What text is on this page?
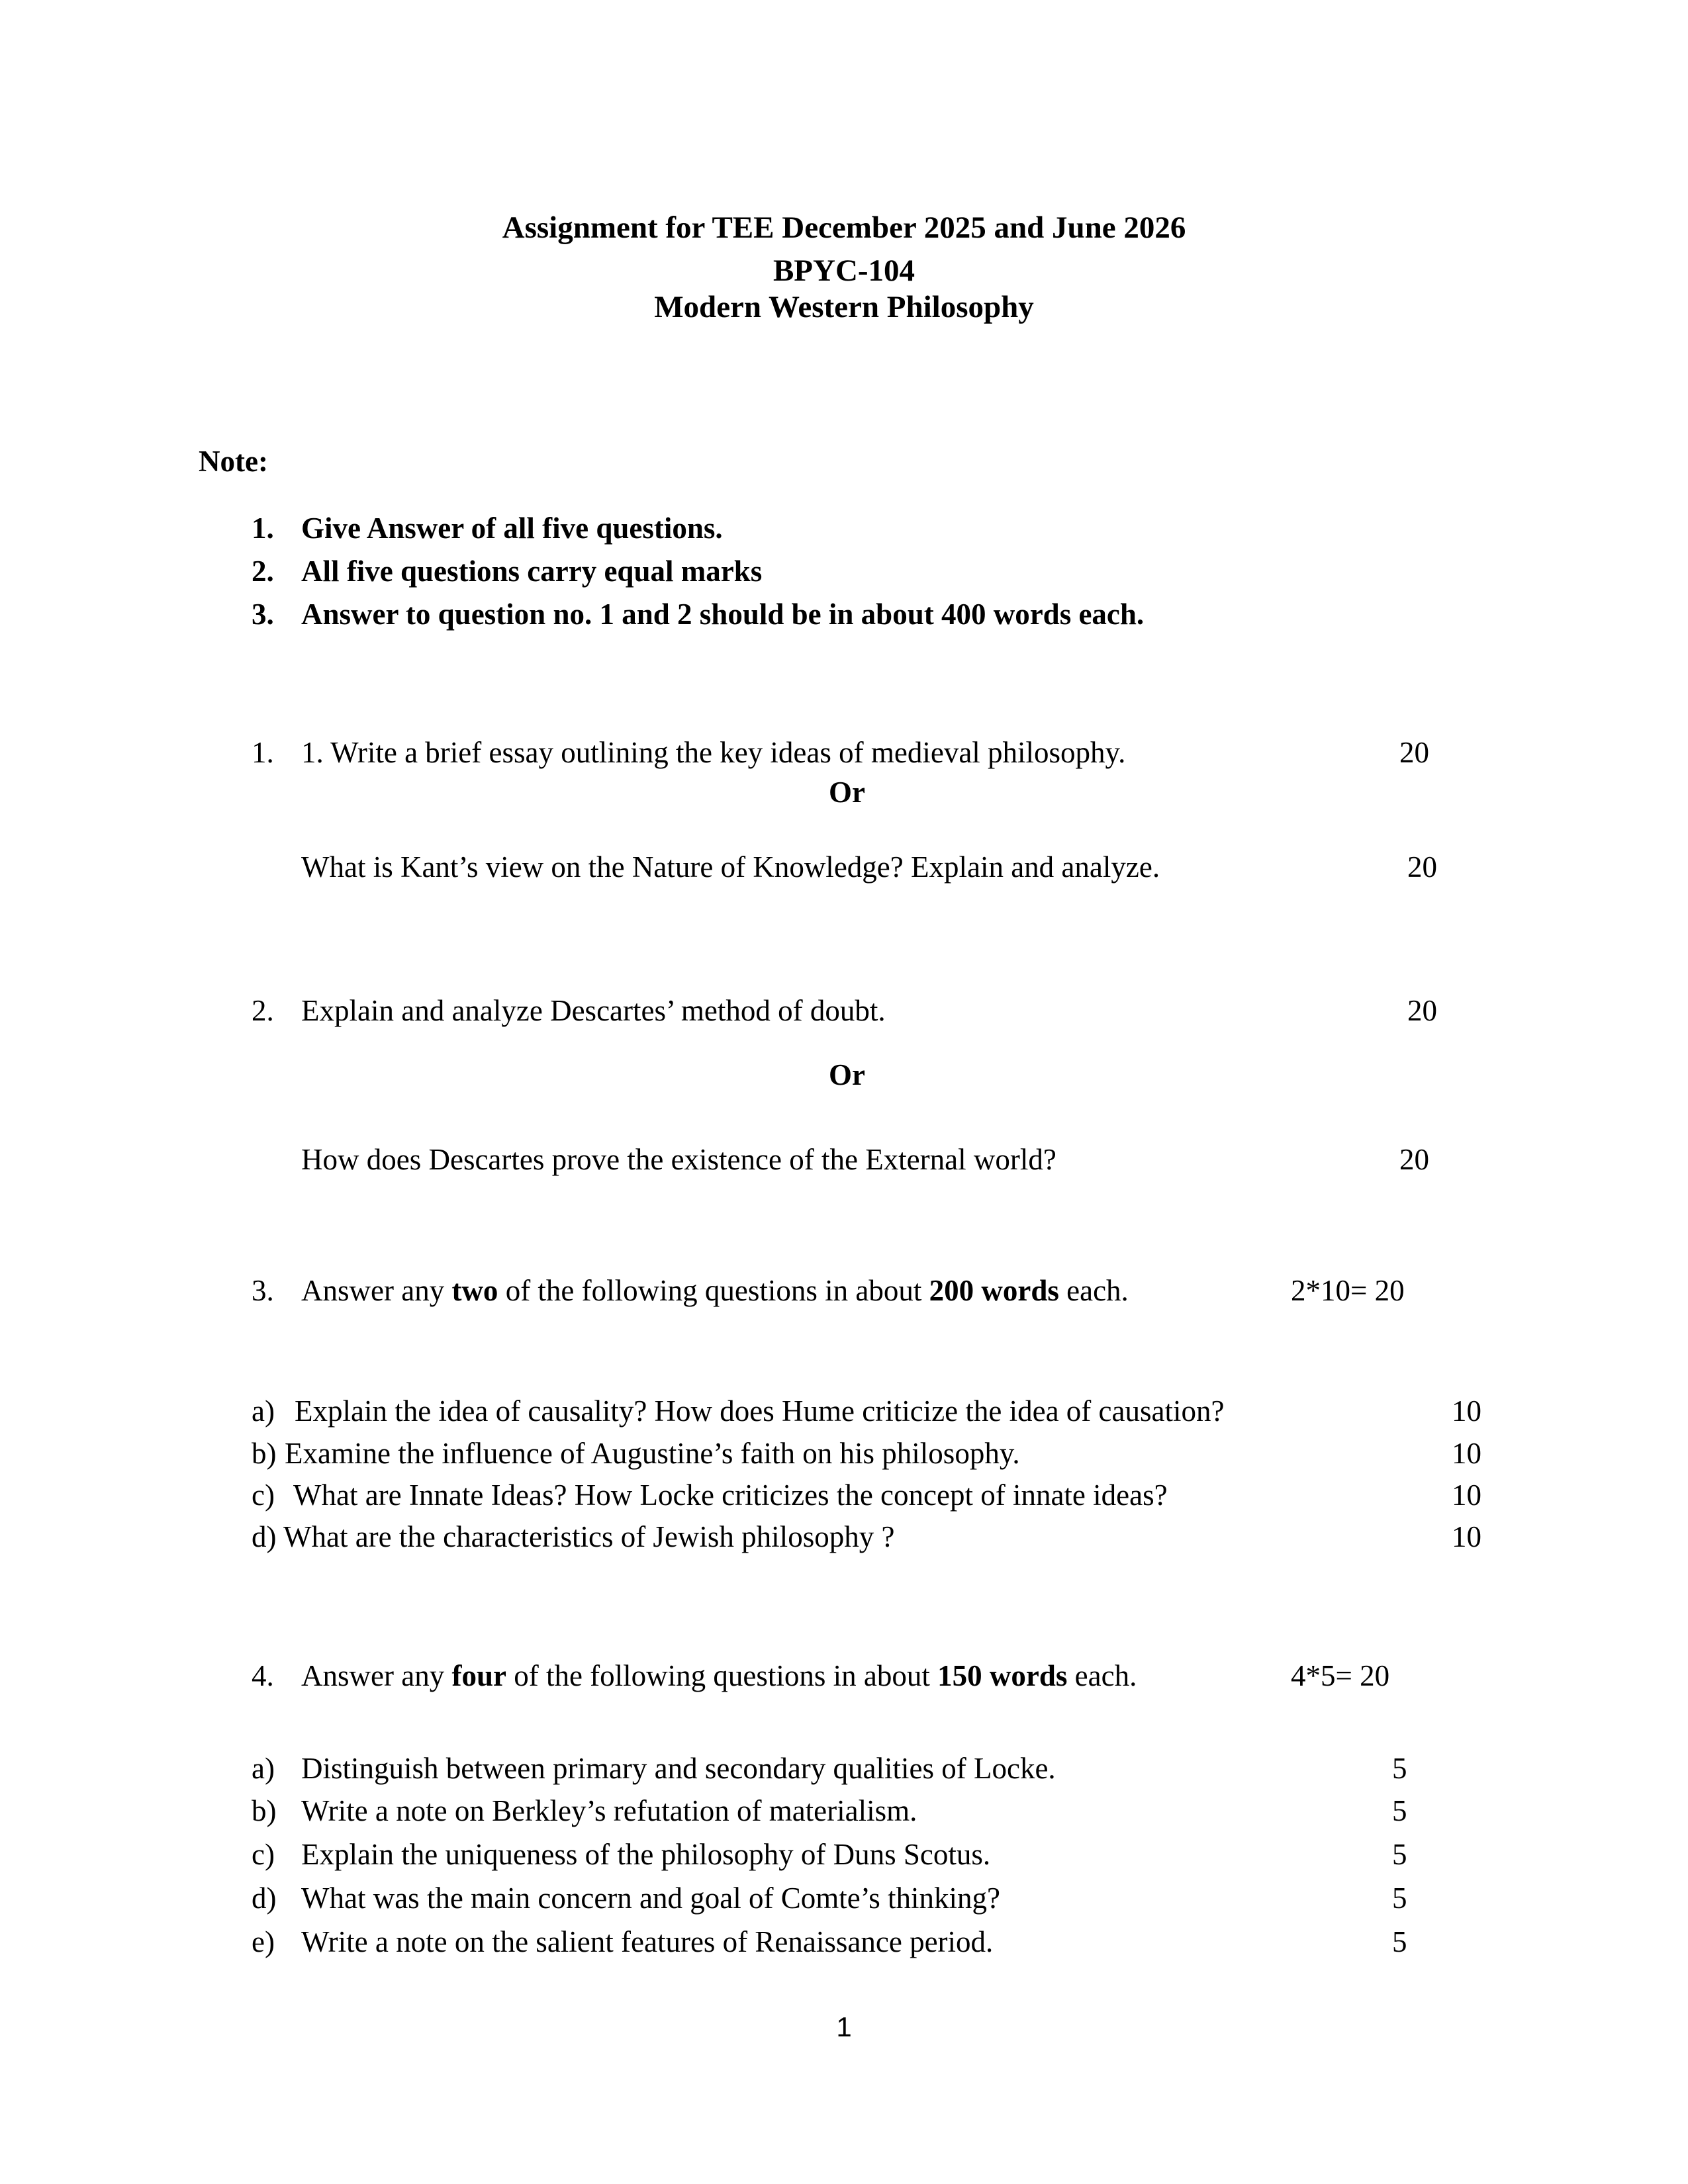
Assignment for TEE December 2025 and June 2026
BPYC-104
Modern Western Philosophy
Note:
1. Give Answer of all five questions.
2. All five questions carry equal marks
3. Answer to question no. 1 and 2 should be in about 400 words each.
1. 1. Write a brief essay outlining the key ideas of medieval philosophy.	20
Or
What is Kant’s view on the Nature of Knowledge? Explain and analyze.	20
2. Explain and analyze Descartes’ method of doubt.	20
Or
How does Descartes prove the existence of the External world?	20
3. Answer any two of the following questions in about 200 words each.	2*10= 20
a) Explain the idea of causality? How does Hume criticize the idea of causation?	10
b) Examine the influence of Augustine’s faith on his philosophy.	10
c) What are Innate Ideas? How Locke criticizes the concept of innate ideas?	10
d) What are the characteristics of Jewish philosophy ?	10
4. Answer any four of the following questions in about 150 words each.	4*5= 20
a) Distinguish between primary and secondary qualities of Locke.	5
b) Write a note on Berkley’s refutation of materialism.	5
c) Explain the uniqueness of the philosophy of Duns Scotus.	5
d) What was the main concern and goal of Comte’s thinking?	5
e) Write a note on the salient features of Renaissance period.	5
1
